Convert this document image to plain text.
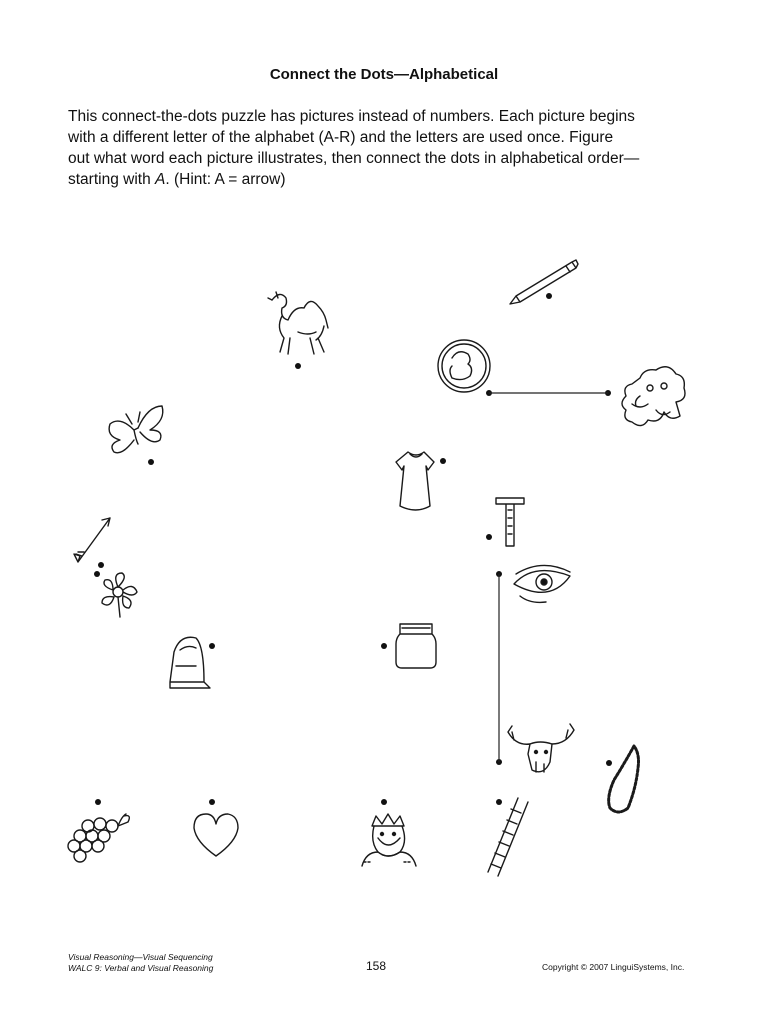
Connect the Dots—Alphabetical
This connect-the-dots puzzle has pictures instead of numbers. Each picture begins
with a different letter of the alphabet (A-R) and the letters are used once. Figure
out what word each picture illustrates, then connect the dots in alphabetical order—
starting with A. (Hint: A = arrow)
Visual Reasoning—Visual Sequencing
WALC 9: Verbal and Visual Reasoning	158	Copyright © 2007 LinguiSystems, Inc.
